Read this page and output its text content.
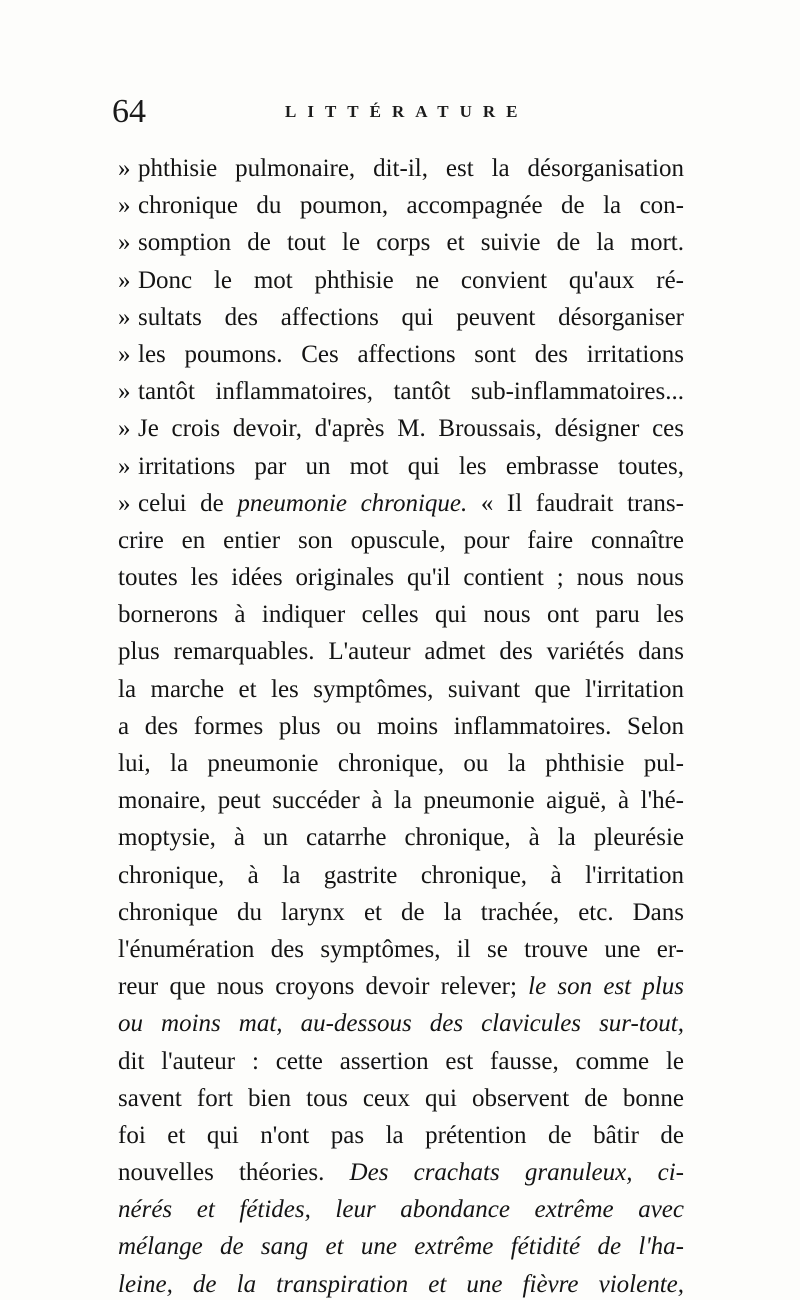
64	LITTÉRATURE
» phthisie pulmonaire, dit-il, est la désorganisation
» chronique du poumon, accompagnée de la con-
» somption de tout le corps et suivie de la mort.
» Donc le mot phthisie ne convient qu'aux ré-
» sultats des affections qui peuvent désorganiser
» les poumons. Ces affections sont des irritations
» tantôt inflammatoires, tantôt sub-inflammatoires...
» Je crois devoir, d'après M. Broussais, désigner ces
» irritations par un mot qui les embrasse toutes,
» celui de pneumonie chronique. « Il faudrait trans-
crire en entier son opuscule, pour faire connaître
toutes les idées originales qu'il contient ; nous nous
bornerons à indiquer celles qui nous ont paru les
plus remarquables. L'auteur admet des variétés dans
la marche et les symptômes, suivant que l'irritation
a des formes plus ou moins inflammatoires. Selon
lui, la pneumonie chronique, ou la phthisie pul-
monaire, peut succéder à la pneumonie aiguë, à l'hé-
moptysie, à un catarrhe chronique, à la pleurésie
chronique, à la gastrite chronique, à l'irritation
chronique du larynx et de la trachée, etc. Dans
l'énumération des symptômes, il se trouve une er-
reur que nous croyons devoir relever; le son est plus
ou moins mat, au-dessous des clavicules sur-tout,
dit l'auteur : cette assertion est fausse, comme le
savent fort bien tous ceux qui observent de bonne
foi et qui n'ont pas la prétention de bâtir de
nouvelles théories. Des crachats granuleux, ci-
nérés et fétides, leur abondance extrême avec
mélange de sang et une extrême fétidité de l'ha-
leine, de la transpiration et une fièvre violente,
